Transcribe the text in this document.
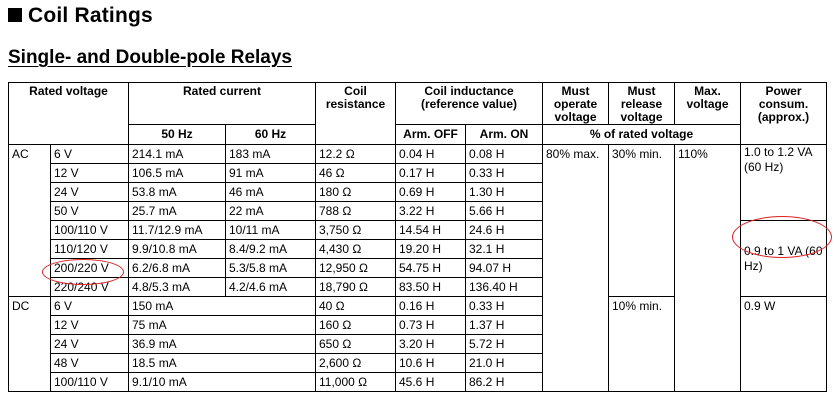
Coil Ratings
Single- and Double-pole Relays
Rated voltage		Rated current		Coil resistance	Coil inductance (reference value)		Must operate voltage	Must release voltage	Max. voltage	Power consum. (approx.)
		50 Hz	60 Hz		Arm. OFF	Arm. ON	% of rated voltage			
AC	6 V	214.1 mA	183 mA	12.2 Ω	0.04 H	0.08 H	80% max.	30% min.	110%	1.0 to 1.2 VA (60 Hz)
	12 V	106.5 mA	91 mA	46 Ω	0.17 H	0.33 H				
	24 V	53.8 mA	46 mA	180 Ω	0.69 H	1.30 H				
	50 V	25.7 mA	22 mA	788 Ω	3.22 H	5.66 H				
	100/110 V	11.7/12.9 mA	10/11 mA	3,750 Ω	14.54 H	24.6 H				0.9 to 1 VA (60 Hz)
	110/120 V	9.9/10.8 mA	8.4/9.2 mA	4,430 Ω	19.20 H	32.1 H				
	200/220 V	6.2/6.8 mA	5.3/5.8 mA	12,950 Ω	54.75 H	94.07 H				
	220/240 V	4.8/5.3 mA	4.2/4.6 mA	18,790 Ω	83.50 H	136.40 H				
DC	6 V	150 mA		40 Ω	0.16 H	0.33 H		10% min.		0.9 W
	12 V	75 mA		160 Ω	0.73 H	1.37 H				
	24 V	36.9 mA		650 Ω	3.20 H	5.72 H				
	48 V	18.5 mA		2,600 Ω	10.6 H	21.0 H				
	100/110 V	9.1/10 mA		11,000 Ω	45.6 H	86.2 H				
